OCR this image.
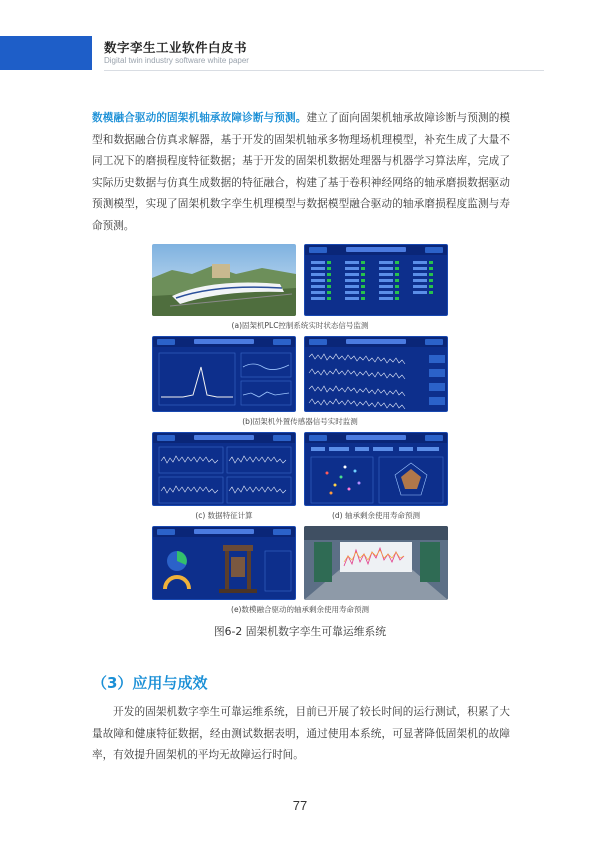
数字孪生工业软件白皮书
Digital twin industry software white paper

数模融合驱动的固架机轴承故障诊断与预测。建立了面向固架机轴承故障诊断与预测的模型和数据融合仿真求解器，基于开发的固架机轴承多物理场机理模型，补充生成了大量不同工况下的磨损程度特征数据；基于开发的固架机数据处理器与机器学习算法库，完成了实际历史数据与仿真生成数据的特征融合，构建了基于卷积神经网络的轴承磨损数据驱动预测模型，实现了固架机数字孪生机理模型与数据模型融合驱动的轴承磨损程度监测与寿命预测。

(a)固架机PLC控制系统实时状态信号监测
(b)固架机外置传感器信号实时监测
(c) 数据特征计算	(d) 轴承剩余使用寿命预测
(e)数模融合驱动的轴承剩余使用寿命预测
图6-2 固架机数字孪生可靠运维系统
（3）应用与成效

开发的固架机数字孪生可靠运维系统，目前已开展了较长时间的运行测试，积累了大量故障和健康特征数据，经由测试数据表明，通过使用本系统，可显著降低固架机的故障率，有效提升固架机的平均无故障运行时间。

77
